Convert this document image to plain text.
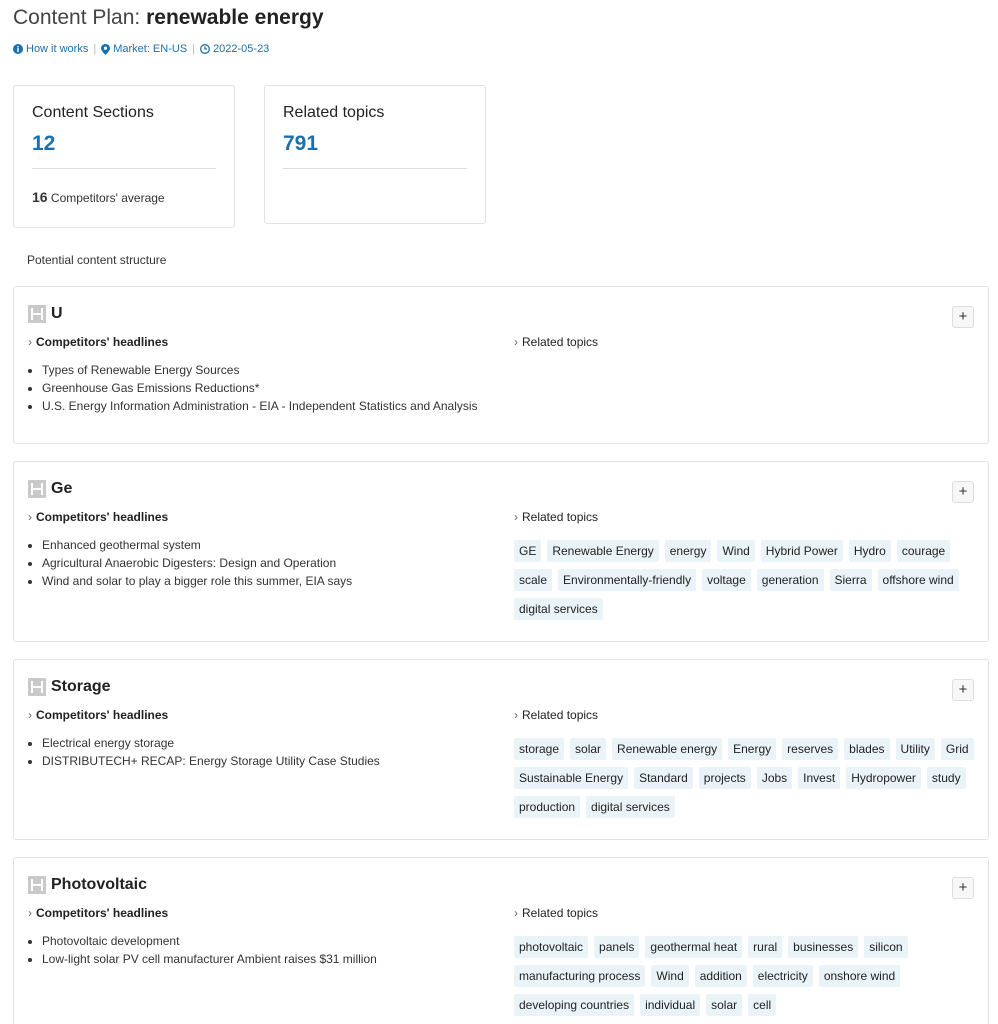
Content Plan: renewable energy
How it works | Market: EN-US | 2022-05-23
Content Sections
12
16 Competitors' average
Related topics
791
Potential content structure
U	+
› Competitors' headlines	› Related topics
• Types of Renewable Energy Sources
• Greenhouse Gas Emissions Reductions*
• U.S. Energy Information Administration - EIA - Independent Statistics and Analysis
Ge	+
› Competitors' headlines	› Related topics
• Enhanced geothermal system
• Agricultural Anaerobic Digesters: Design and Operation
• Wind and solar to play a bigger role this summer, EIA says
GE	Renewable Energy	energy	Wind	Hybrid Power	Hydro	courage
scale	Environmentally-friendly	voltage	generation	Sierra	offshore wind
digital services
Storage	+
› Competitors' headlines	› Related topics
• Electrical energy storage
• DISTRIBUTECH+ RECAP: Energy Storage Utility Case Studies
storage	solar	Renewable energy	Energy	reserves	blades	Utility	Grid
Sustainable Energy	Standard	projects	Jobs	Invest	Hydropower	study
production	digital services
Photovoltaic	+
› Competitors' headlines	› Related topics
• Photovoltaic development
• Low-light solar PV cell manufacturer Ambient raises $31 million
photovoltaic	panels	geothermal heat	rural	businesses	silicon
manufacturing process	Wind	addition	electricity	onshore wind
developing countries	individual	solar	cell
